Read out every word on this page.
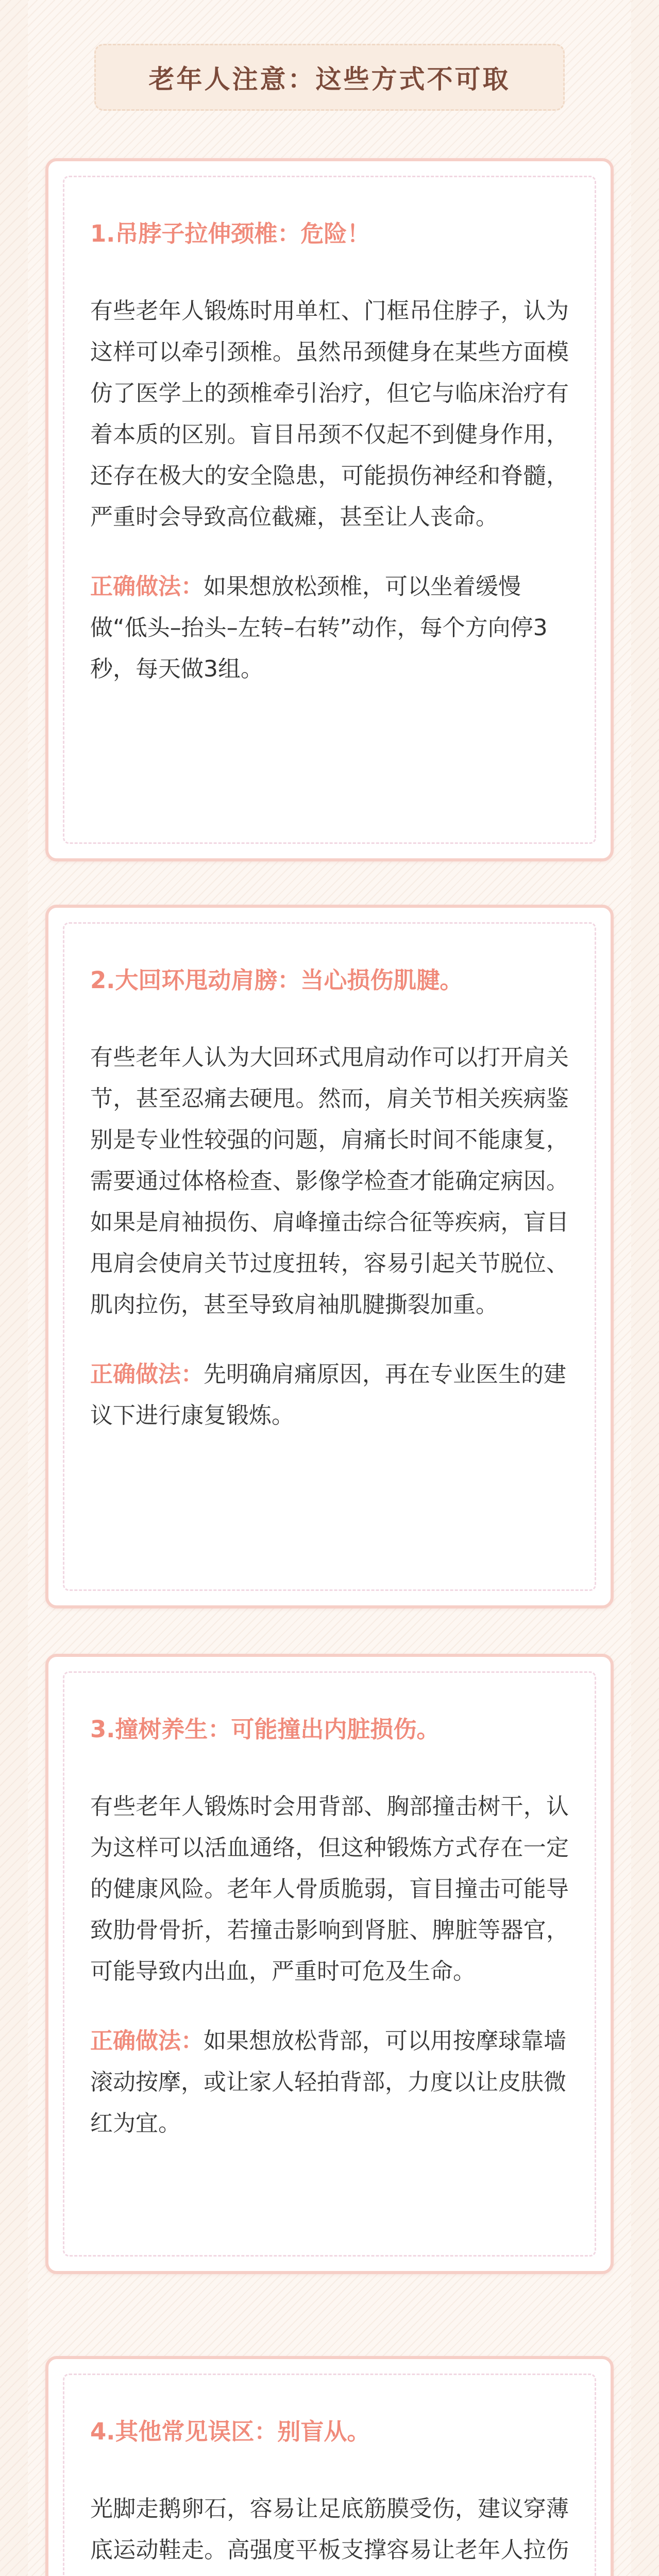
老年人注意：这些方式不可取

1.吊脖子拉伸颈椎：危险！

有些老年人锻炼时用单杠、门框吊住脖子，认为这样可以牵引颈椎。虽然吊颈健身在某些方面模仿了医学上的颈椎牵引治疗，但它与临床治疗有着本质的区别。盲目吊颈不仅起不到健身作用，还存在极大的安全隐患，可能损伤神经和脊髓，严重时会导致高位截瘫，甚至让人丧命。

正确做法：如果想放松颈椎，可以坐着缓慢做“低头–抬头–左转–右转”动作，每个方向停3秒，每天做3组。

2.大回环甩动肩膀：当心损伤肌腱。

有些老年人认为大回环式甩肩动作可以打开肩关节，甚至忍痛去硬甩。然而，肩关节相关疾病鉴别是专业性较强的问题，肩痛长时间不能康复，需要通过体格检查、影像学检查才能确定病因。如果是肩袖损伤、肩峰撞击综合征等疾病，盲目甩肩会使肩关节过度扭转，容易引起关节脱位、肌肉拉伤，甚至导致肩袖肌腱撕裂加重。

正确做法：先明确肩痛原因，再在专业医生的建议下进行康复锻炼。

3.撞树养生：可能撞出内脏损伤。

有些老年人锻炼时会用背部、胸部撞击树干，认为这样可以活血通络，但这种锻炼方式存在一定的健康风险。老年人骨质脆弱，盲目撞击可能导致肋骨骨折，若撞击影响到肾脏、脾脏等器官，可能导致内出血，严重时可危及生命。

正确做法：如果想放松背部，可以用按摩球靠墙滚动按摩，或让家人轻拍背部，力度以让皮肤微红为宜。

4.其他常见误区：别盲从。

光脚走鹅卵石，容易让足底筋膜受伤，建议穿薄底运动鞋走。高强度平板支撑容易让老年人拉伤
